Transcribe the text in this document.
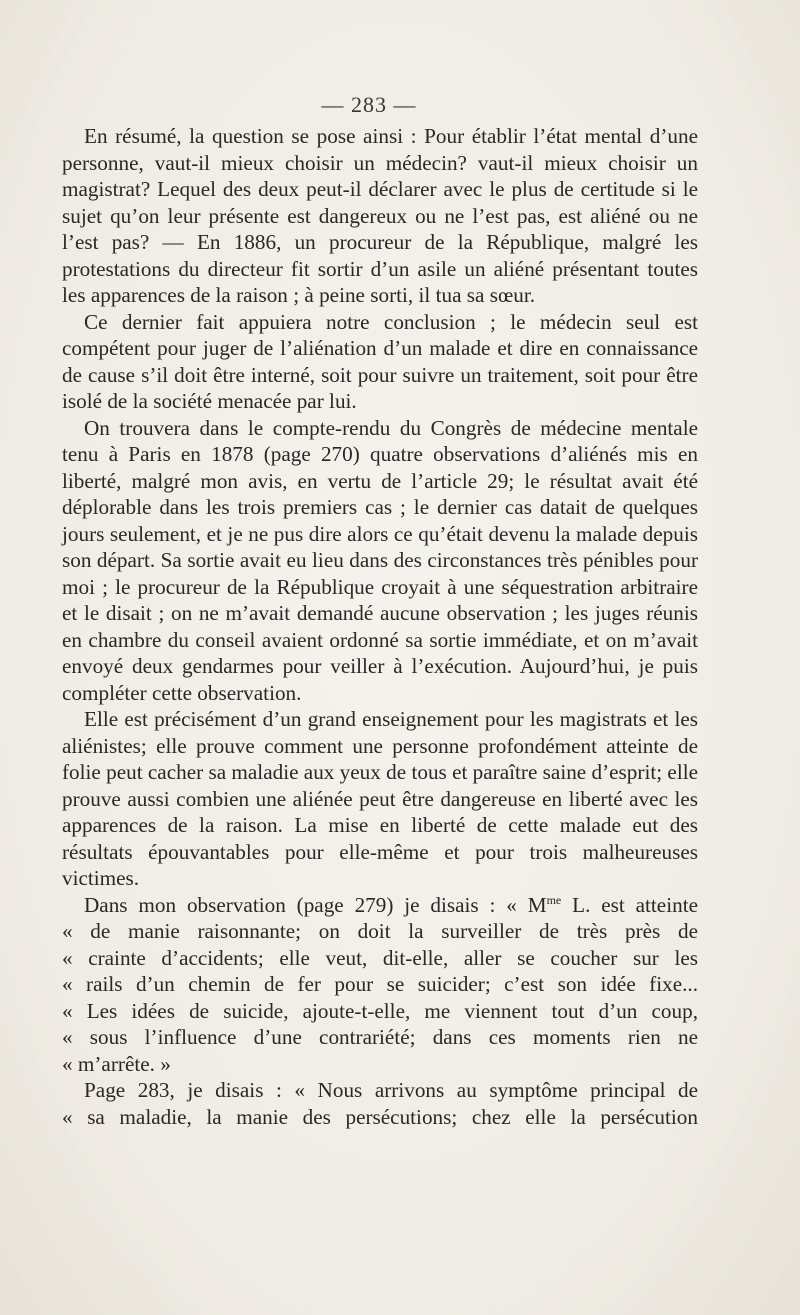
— 283 —

En résumé, la question se pose ainsi : Pour établir l’état mental d’une personne, vaut-il mieux choisir un médecin? vaut-il mieux choisir un magistrat? Lequel des deux peut-il déclarer avec le plus de certitude si le sujet qu’on leur présente est dangereux ou ne l’est pas, est aliéné ou ne l’est pas? — En 1886, un procureur de la République, malgré les protestations du directeur fit sortir d’un asile un aliéné présentant toutes les apparences de la raison ; à peine sorti, il tua sa sœur.

Ce dernier fait appuiera notre conclusion ; le médecin seul est compétent pour juger de l’aliénation d’un malade et dire en connaissance de cause s’il doit être interné, soit pour suivre un traitement, soit pour être isolé de la société menacée par lui.

On trouvera dans le compte-rendu du Congrès de médecine mentale tenu à Paris en 1878 (page 270) quatre observations d’aliénés mis en liberté, malgré mon avis, en vertu de l’article 29; le résultat avait été déplorable dans les trois premiers cas ; le dernier cas datait de quelques jours seulement, et je ne pus dire alors ce qu’était devenu la malade depuis son départ. Sa sortie avait eu lieu dans des circonstances très pénibles pour moi ; le procureur de la République croyait à une séquestration arbitraire et le disait ; on ne m’avait demandé aucune observation ; les juges réunis en chambre du conseil avaient ordonné sa sortie immédiate, et on m’avait envoyé deux gendarmes pour veiller à l’exécution. Aujourd’hui, je puis compléter cette observation.

Elle est précisément d’un grand enseignement pour les magistrats et les aliénistes; elle prouve comment une personne profondément atteinte de folie peut cacher sa maladie aux yeux de tous et paraître saine d’esprit; elle prouve aussi combien une aliénée peut être dangereuse en liberté avec les apparences de la raison. La mise en liberté de cette malade eut des résultats épouvantables pour elle-même et pour trois malheureuses victimes.

Dans mon observation (page 279) je disais : « $M^{me}$ L. est atteinte
« de manie raisonnante; on doit la surveiller de très près de
« crainte d’accidents; elle veut, dit-elle, aller se coucher sur les
« rails d’un chemin de fer pour se suicider; c’est son idée fixe...
« Les idées de suicide, ajoute-t-elle, me viennent tout d’un coup,
« sous l’influence d’une contrariété; dans ces moments rien ne
« m’arrête. »
Page 283, je disais : « Nous arrivons au symptôme principal de
« sa maladie, la manie des persécutions; chez elle la persécution
